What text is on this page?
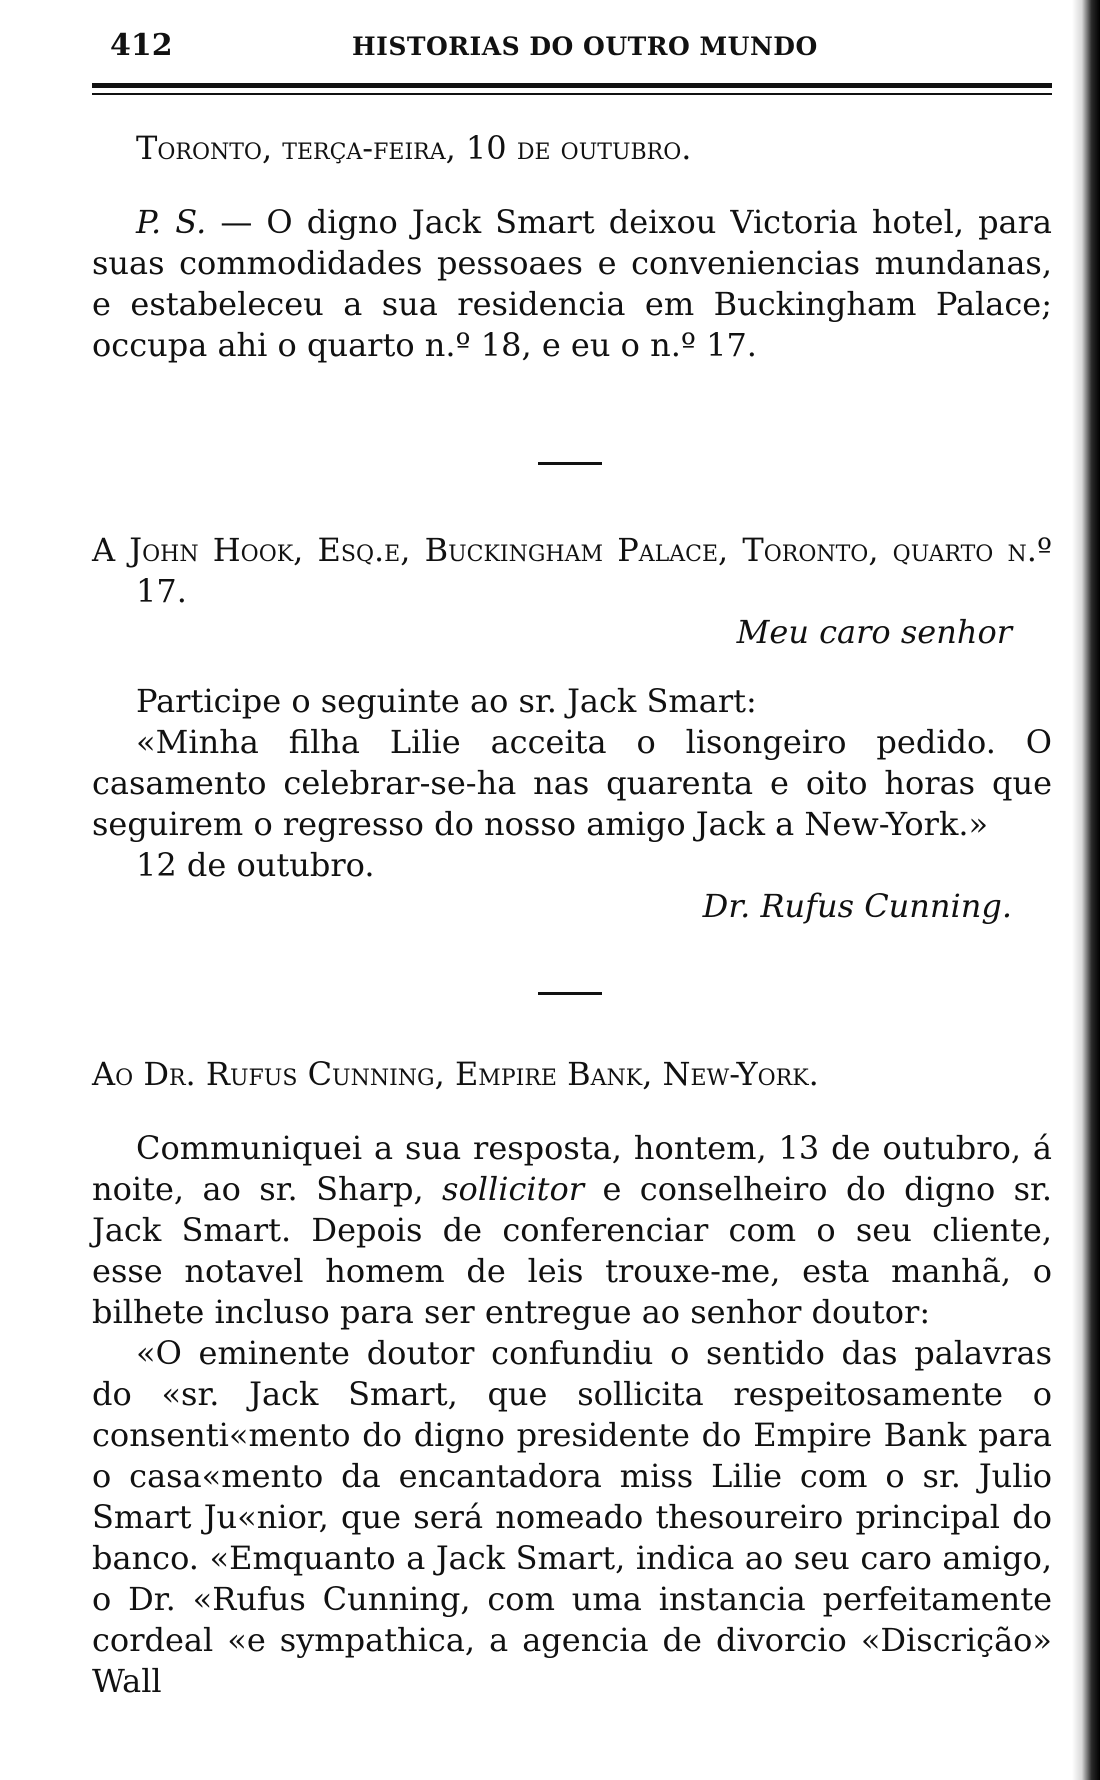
412	HISTORIAS DO OUTRO MUNDO

Toronto, terça-feira, 10 de outubro.

P. S. — O digno Jack Smart deixou Victoria hotel, para suas commodidades pessoaes e conveniencias mundanas, e estabeleceu a sua residencia em Buckingham Palace; occupa ahi o quarto n.º 18, e eu o n.º 17.

A John Hook, Esq.e, Buckingham Palace, Toronto, quarto n.º 17.

Meu caro senhor

Participe o seguinte ao sr. Jack Smart:

«Minha filha Lilie acceita o lisongeiro pedido. O casamento celebrar-se-ha nas quarenta e oito horas que seguirem o regresso do nosso amigo Jack a New-York.»

12 de outubro.

Dr. Rufus Cunning.

Ao Dr. Rufus Cunning, Empire Bank, New-York.

Communiquei a sua resposta, hontem, 13 de outubro, á noite, ao sr. Sharp, sollicitor e conselheiro do digno sr. Jack Smart. Depois de conferenciar com o seu cliente, esse notavel homem de leis trouxe-me, esta manhã, o bilhete incluso para ser entregue ao senhor doutor:

«O eminente doutor confundiu o sentido das palavras do «sr. Jack Smart, que sollicita respeitosamente o consenti«mento do digno presidente do Empire Bank para o casa«mento da encantadora miss Lilie com o sr. Julio Smart Ju«nior, que será nomeado thesoureiro principal do banco. «Emquanto a Jack Smart, indica ao seu caro amigo, o Dr. «Rufus Cunning, com uma instancia perfeitamente cordeal «e sympathica, a agencia de divorcio «Discrição» Wall
